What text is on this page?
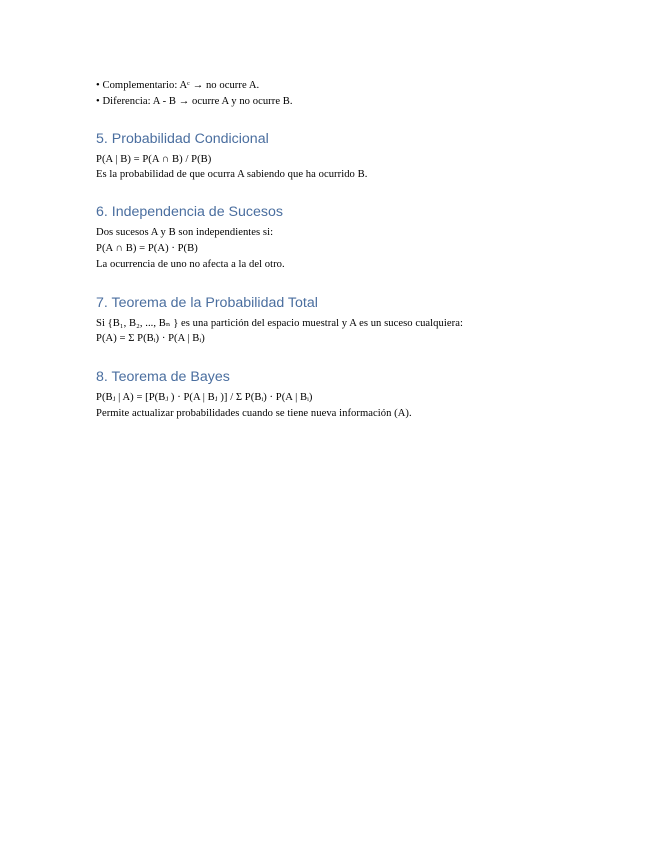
• Complementario: Aᶜ → no ocurre A.
• Diferencia: A - B → ocurre A y no ocurre B.
5. Probabilidad Condicional
P(A | B) = P(A ∩ B) / P(B)
Es la probabilidad de que ocurra A sabiendo que ha ocurrido B.
6. Independencia de Sucesos
Dos sucesos A y B son independientes si:
P(A ∩ B) = P(A) · P(B)
La ocurrencia de uno no afecta a la del otro.
7. Teorema de la Probabilidad Total
Si {B₁, B₂, ..., Bₙ } es una partición del espacio muestral y A es un suceso cualquiera:
P(A) = Σ P(Bᵢ) · P(A | Bᵢ)
8. Teorema de Bayes
P(Bⱼ | A) = [P(Bⱼ ) · P(A | Bⱼ )] / Σ P(Bᵢ) · P(A | Bᵢ)
Permite actualizar probabilidades cuando se tiene nueva información (A).
